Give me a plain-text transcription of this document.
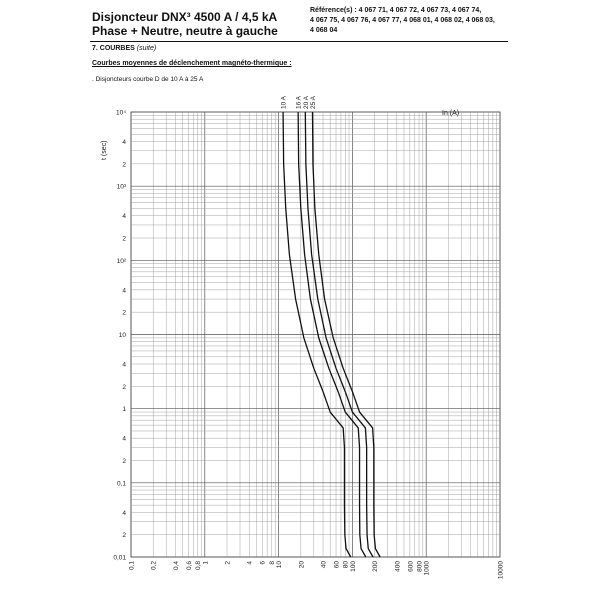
Disjoncteur DNX³ 4500 A / 4,5 kA
Phase + Neutre, neutre à gauche
Référence(s) : 4 067 71, 4 067 72, 4 067 73, 4 067 74,
4 067 75, 4 067 76, 4 067 77, 4 068 01, 4 068 02, 4 068 03,
4 068 04
7. COURBES (suite)
Courbes moyennes de déclenchement magnéto-thermique :
. Disjoncteurs courbe D de 10 A à 25 A
10⁴
4
2
10³
4
2
10²
4
2
10
4
2
1
4
2
0,1
4
2
0,01
0,1 0,2 0,4 0,6 0,8 1 2 4 6 8 10 20 40 60 80 100 200 400 600 800 1000	10000
10 A 16 A 20 A 25 A
In (A)
t (sec)
